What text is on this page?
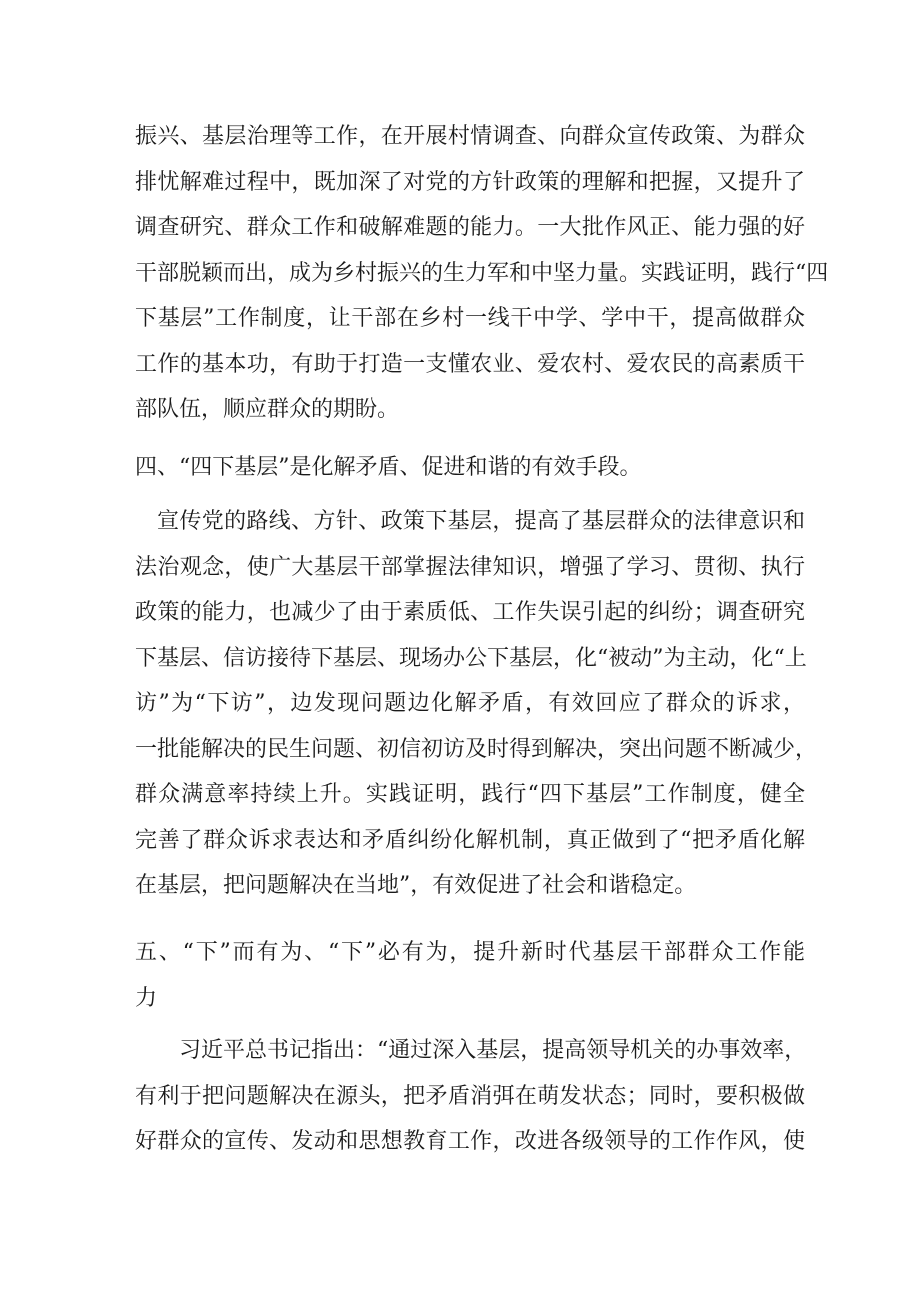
振兴、基层治理等工作，在开展村情调查、向群众宣传政策、为群众
排忧解难过程中，既加深了对党的方针政策的理解和把握，又提升了
调查研究、群众工作和破解难题的能力。一大批作风正、能力强的好
干部脱颖而出，成为乡村振兴的生力军和中坚力量。实践证明，践行“四
下基层”工作制度，让干部在乡村一线干中学、学中干，提高做群众
工作的基本功，有助于打造一支懂农业、爱农村、爱农民的高素质干
部队伍，顺应群众的期盼。
四、“四下基层”是化解矛盾、促进和谐的有效手段。
宣传党的路线、方针、政策下基层，提高了基层群众的法律意识和
法治观念，使广大基层干部掌握法律知识，增强了学习、贯彻、执行
政策的能力，也减少了由于素质低、工作失误引起的纠纷；调查研究
下基层、信访接待下基层、现场办公下基层，化“被动”为主动，化“上
访”为“下访”，边发现问题边化解矛盾，有效回应了群众的诉求，
一批能解决的民生问题、初信初访及时得到解决，突出问题不断减少，
群众满意率持续上升。实践证明，践行“四下基层”工作制度，健全
完善了群众诉求表达和矛盾纠纷化解机制，真正做到了“把矛盾化解
在基层，把问题解决在当地”，有效促进了社会和谐稳定。
五、“下”而有为、“下”必有为，提升新时代基层干部群众工作能
力
习近平总书记指出：“通过深入基层，提高领导机关的办事效率，
有利于把问题解决在源头，把矛盾消弭在萌发状态；同时，要积极做
好群众的宣传、发动和思想教育工作，改进各级领导的工作作风，使
